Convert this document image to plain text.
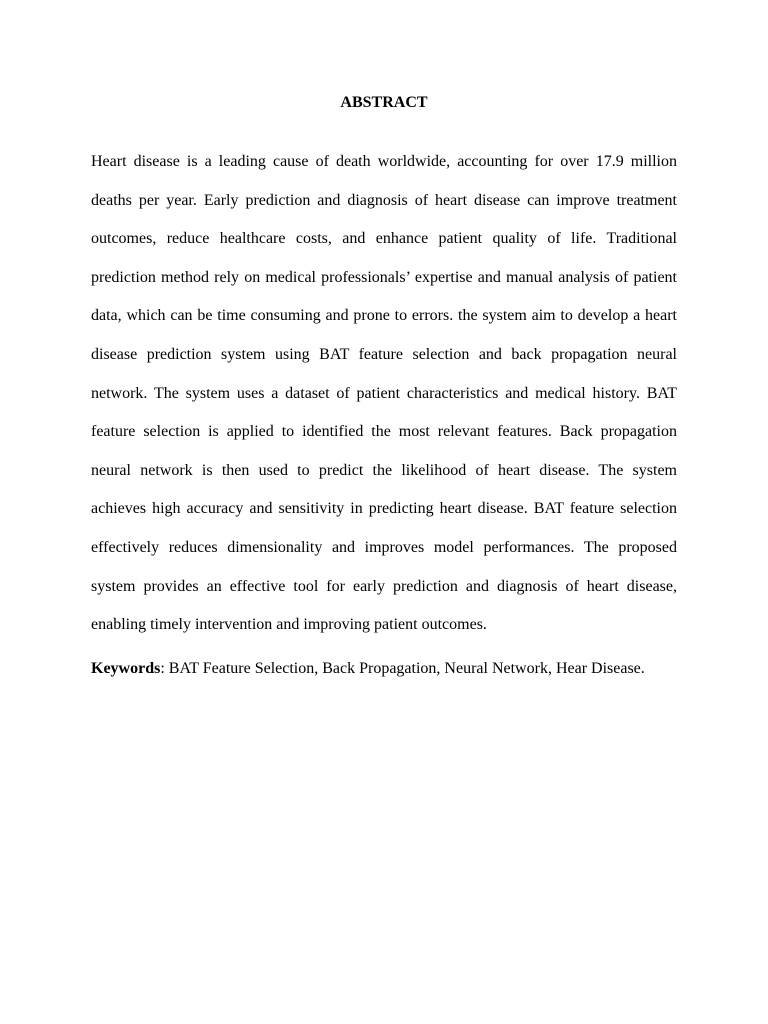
ABSTRACT
Heart disease is a leading cause of death worldwide, accounting for over 17.9 million
deaths per year. Early prediction and diagnosis of heart disease can improve treatment
outcomes, reduce healthcare costs, and enhance patient quality of life. Traditional
prediction method rely on medical professionals’ expertise and manual analysis of patient
data, which can be time consuming and prone to errors. the system aim to develop a heart
disease prediction system using BAT feature selection and back propagation neural
network. The system uses a dataset of patient characteristics and medical history. BAT
feature selection is applied to identified the most relevant features. Back propagation
neural network is then used to predict the likelihood of heart disease. The system
achieves high accuracy and sensitivity in predicting heart disease. BAT feature selection
effectively reduces dimensionality and improves model performances. The proposed
system provides an effective tool for early prediction and diagnosis of heart disease,
enabling timely intervention and improving patient outcomes.

Keywords: BAT Feature Selection, Back Propagation, Neural Network, Hear Disease.
